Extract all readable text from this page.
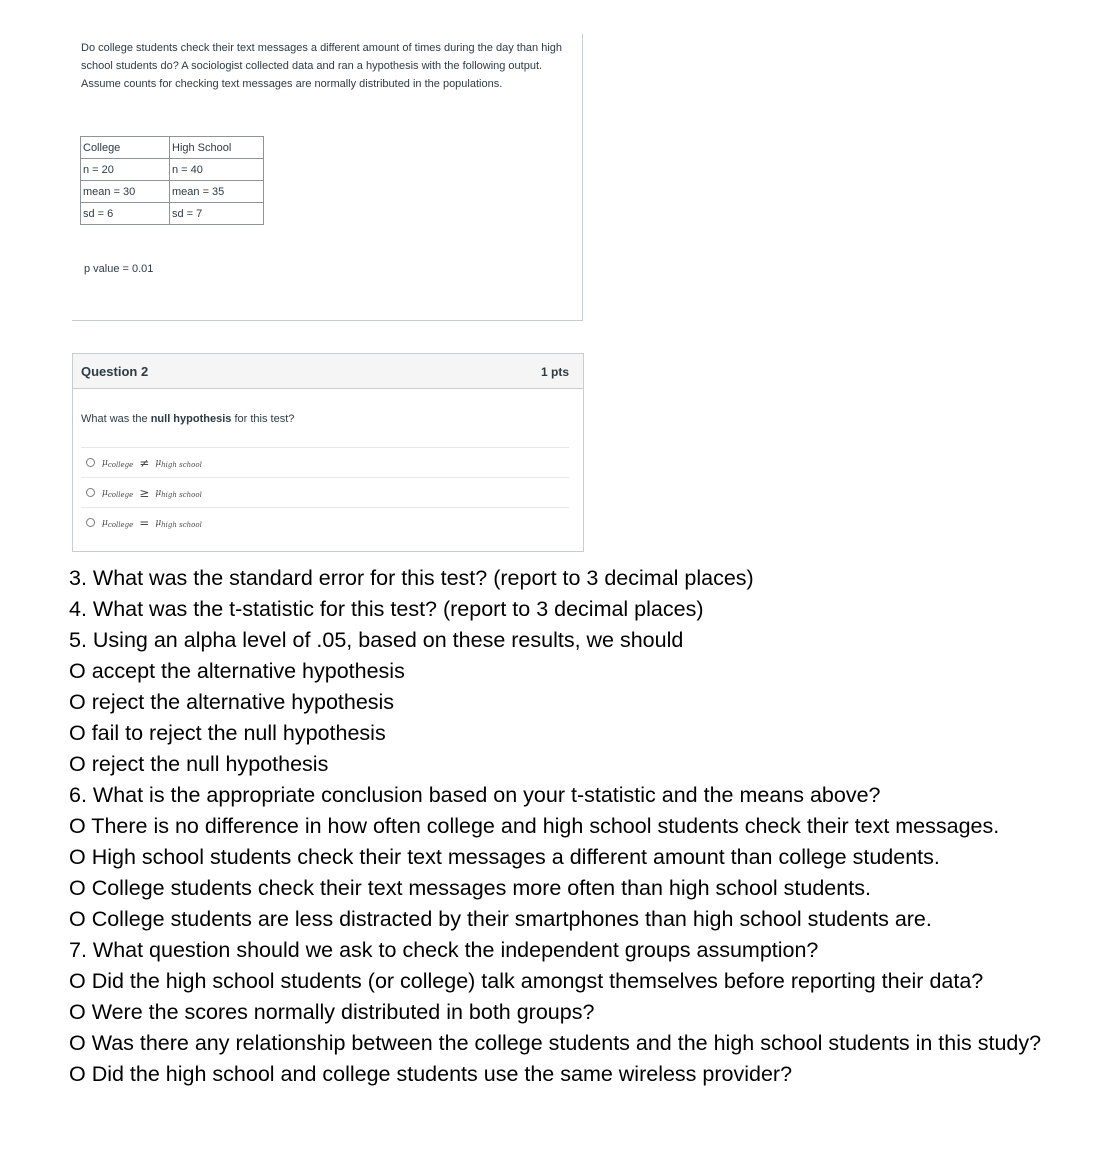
Do college students check their text messages a different amount of times during the day than high school students do? A sociologist collected data and ran a hypothesis with the following output. Assume counts for checking text messages are normally distributed in the populations.
College	High School
n = 20	n = 40
mean = 30	mean = 35
sd = 6	sd = 7
p value = 0.01
Question 2	1 pts
What was the null hypothesis for this test?
μ college ≠ μ high school
μ college ≥ μ high school
μ college = μ high school
3. What was the standard error for this test? (report to 3 decimal places)
4. What was the t-statistic for this test? (report to 3 decimal places)
5. Using an alpha level of .05, based on these results, we should
O accept the alternative hypothesis
O reject the alternative hypothesis
O fail to reject the null hypothesis
O reject the null hypothesis
6. What is the appropriate conclusion based on your t-statistic and the means above?
O There is no difference in how often college and high school students check their text messages.
O High school students check their text messages a different amount than college students.
O College students check their text messages more often than high school students.
O College students are less distracted by their smartphones than high school students are.
7. What question should we ask to check the independent groups assumption?
O Did the high school students (or college) talk amongst themselves before reporting their data?
O Were the scores normally distributed in both groups?
O Was there any relationship between the college students and the high school students in this study?
O Did the high school and college students use the same wireless provider?
